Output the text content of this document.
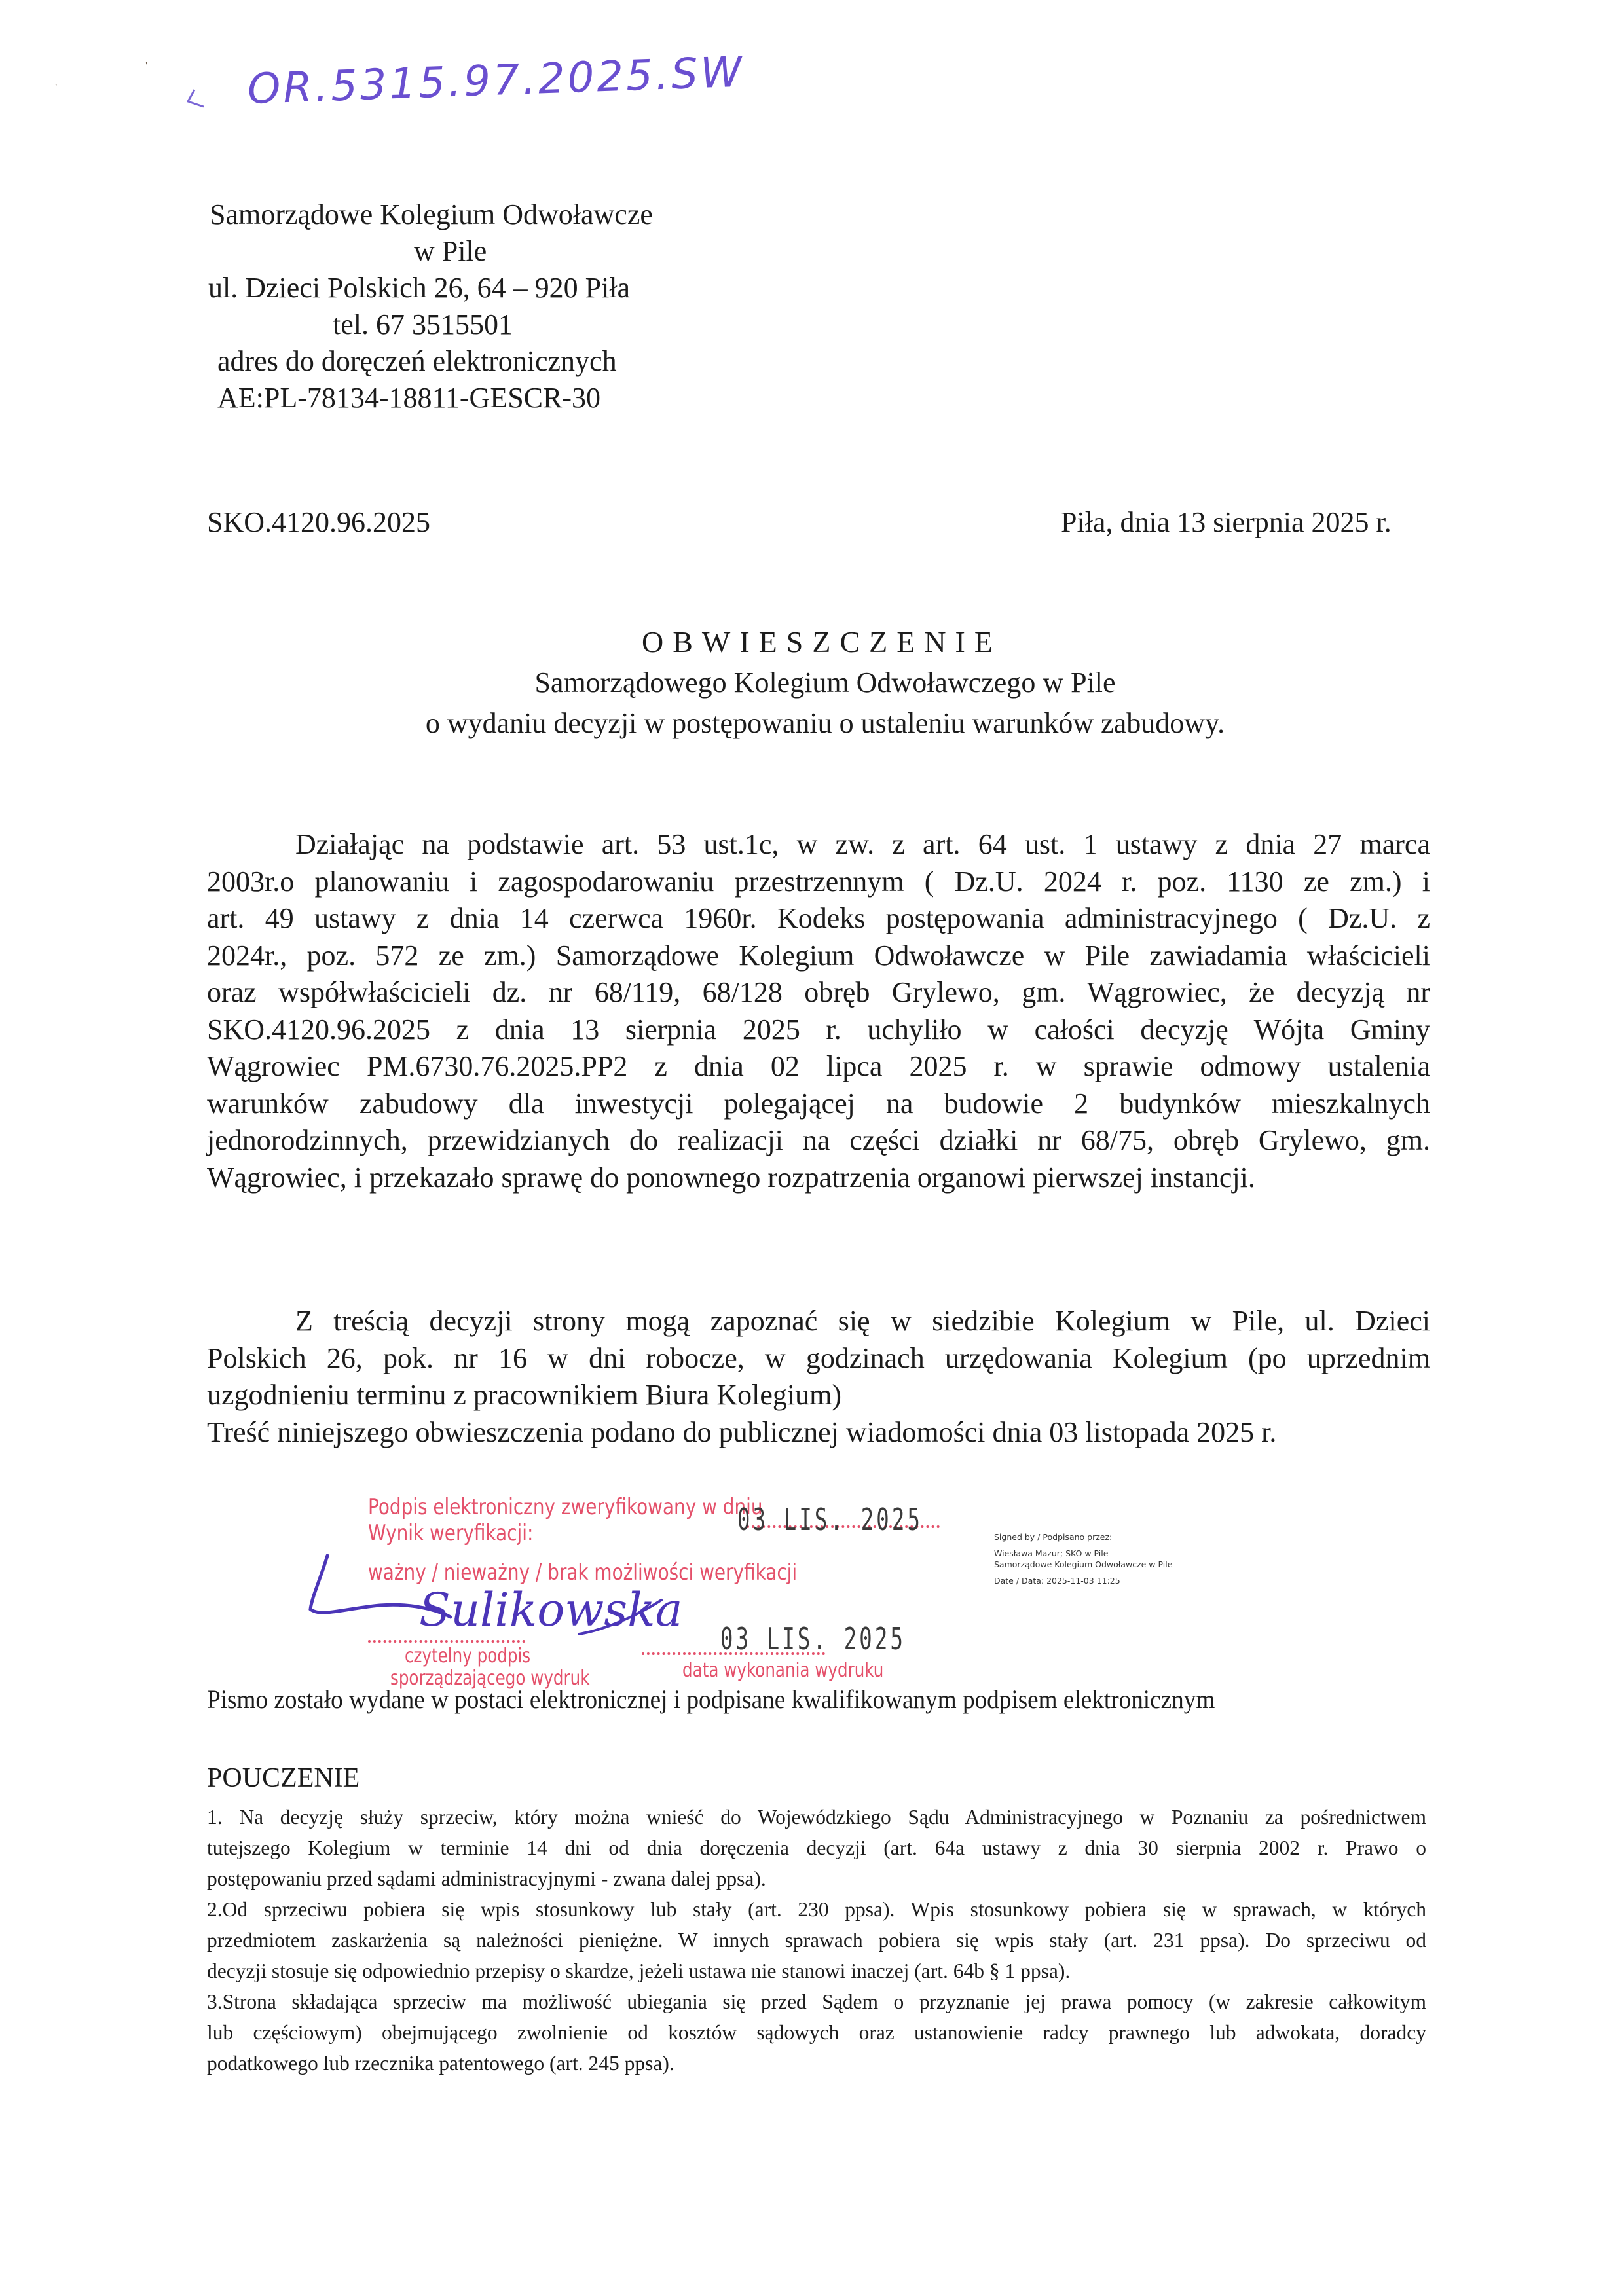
'
' OR.5315.97.2025.SW
Samorządowe Kolegium Odwoławcze
w Pile
ul. Dzieci Polskich 26, 64 – 920 Piła
tel. 67 3515501
adres do doręczeń elektronicznych
AE:PL-78134-18811-GESCR-30
SKO.4120.96.2025	Piła, dnia 13 sierpnia 2025 r.
OBWIESZCZENIE
Samorządowego Kolegium Odwoławczego w Pile
o wydaniu decyzji w postępowaniu o ustaleniu warunków zabudowy.
Działając na podstawie art. 53 ust.1c, w zw. z art. 64 ust. 1 ustawy z dnia 27 marca
2003r.o planowaniu i zagospodarowaniu przestrzennym ( Dz.U. 2024 r. poz. 1130 ze zm.) i
art. 49 ustawy z dnia 14 czerwca 1960r. Kodeks postępowania administracyjnego ( Dz.U. z
2024r., poz. 572 ze zm.) Samorządowe Kolegium Odwoławcze w Pile zawiadamia właścicieli
oraz współwłaścicieli dz. nr 68/119, 68/128 obręb Grylewo, gm. Wągrowiec, że decyzją nr
SKO.4120.96.2025 z dnia 13 sierpnia 2025 r. uchyliło w całości decyzję Wójta Gminy
Wągrowiec PM.6730.76.2025.PP2 z dnia 02 lipca 2025 r. w sprawie odmowy ustalenia
warunków zabudowy dla inwestycji polegającej na budowie 2 budynków mieszkalnych
jednorodzinnych, przewidzianych do realizacji na części działki nr 68/75, obręb Grylewo, gm.
Wągrowiec, i przekazało sprawę do ponownego rozpatrzenia organowi pierwszej instancji.
Z treścią decyzji strony mogą zapoznać się w siedzibie Kolegium w Pile, ul. Dzieci
Polskich 26, pok. nr 16 w dni robocze, w godzinach urzędowania Kolegium (po uprzednim
uzgodnieniu terminu z pracownikiem Biura Kolegium)
Treść niniejszego obwieszczenia podano do publicznej wiadomości dnia 03 listopada 2025 r.
Podpis elektroniczny zweryfikowany w dniu
Wynik weryfikacji:
ważny / nieważny / brak możliwości weryfikacji
czytelny podpis
sporządzającego wydruk	data wykonania wydruku
03 LIS. 2025
03 LIS. 2025
Sulikowska
Signed by / Podpisano przez:
Wiesława Mazur; SKO w Pile
Samorządowe Kolegium Odwoławcze w Pile
Date / Data: 2025-11-03 11:25
Pismo zostało wydane w postaci elektronicznej i podpisane kwalifikowanym podpisem elektronicznym
POUCZENIE
1. Na decyzję służy sprzeciw, który można wnieść do Wojewódzkiego Sądu Administracyjnego w Poznaniu za pośrednictwem
tutejszego Kolegium w terminie 14 dni od dnia doręczenia decyzji (art. 64a ustawy z dnia 30 sierpnia 2002 r. Prawo o
postępowaniu przed sądami administracyjnymi - zwana dalej ppsa).
2.Od sprzeciwu pobiera się wpis stosunkowy lub stały (art. 230 ppsa). Wpis stosunkowy pobiera się w sprawach, w których
przedmiotem zaskarżenia są należności pieniężne. W innych sprawach pobiera się wpis stały (art. 231 ppsa). Do sprzeciwu od
decyzji stosuje się odpowiednio przepisy o skardze, jeżeli ustawa nie stanowi inaczej (art. 64b § 1 ppsa).
3.Strona składająca sprzeciw ma możliwość ubiegania się przed Sądem o przyznanie jej prawa pomocy (w zakresie całkowitym
lub częściowym) obejmującego zwolnienie od kosztów sądowych oraz ustanowienie radcy prawnego lub adwokata, doradcy
podatkowego lub rzecznika patentowego (art. 245 ppsa).
